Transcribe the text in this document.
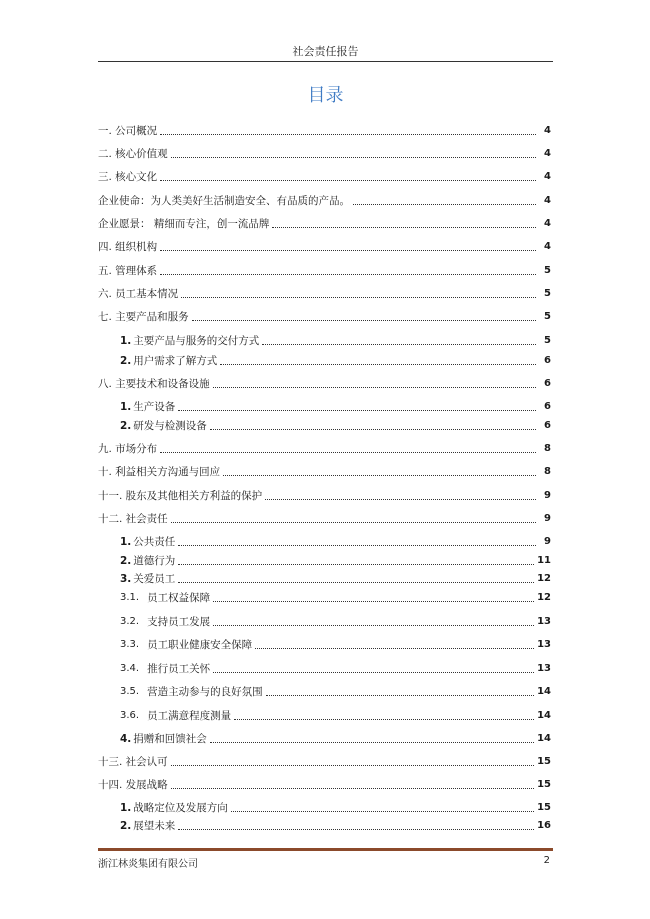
社会责任报告
目录
一. 公司概况	4
二. 核心价值观	4
三. 核心文化	4
企业使命：为人类美好生活制造安全、有品质的产品。	4
企业愿景： 精细而专注，创一流品牌	4
四. 组织机构	4
五. 管理体系	5
六. 员工基本情况	5
七. 主要产品和服务	5
1. 主要产品与服务的交付方式	5
2. 用户需求了解方式	6
八. 主要技术和设备设施	6
1. 生产设备	6
2. 研发与检测设备	6
九. 市场分布	8
十. 利益相关方沟通与回应	8
十一. 股东及其他相关方利益的保护	9
十二. 社会责任	9
1. 公共责任	9
2. 道德行为	11
3. 关爱员工	12
3.1. 员工权益保障	12
3.2. 支持员工发展	13
3.3. 员工职业健康安全保障	13
3.4. 推行员工关怀	13
3.5. 营造主动参与的良好氛围	14
3.6. 员工满意程度测量	14
4. 捐赠和回馈社会	14
十三. 社会认可	15
十四. 发展战略	15
1. 战略定位及发展方向	15
2. 展望未来	16
浙江林炎集团有限公司	2
